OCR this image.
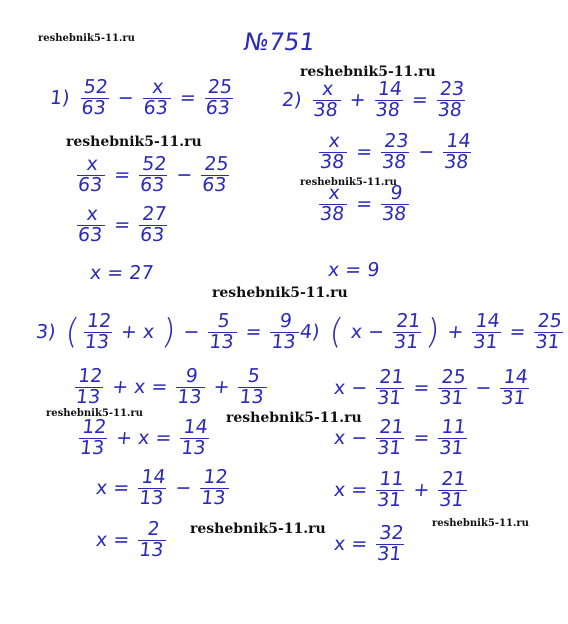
№751
reshebnik5-11.ru
reshebnik5-11.ru
reshebnik5-11.ru
reshebnik5-11.ru
reshebnik5-11.ru
reshebnik5-11.ru	reshebnik5-11.ru
reshebnik5-11.ru	reshebnik5-11.ru
$1) \frac{52}{63} - \frac{x}{63} = \frac{25}{63}$
$\frac{x}{63} = \frac{52}{63} - \frac{25}{63}$
$\frac{x}{63} = \frac{27}{63}$
x = 27
$2) \frac{x}{38} + \frac{14}{38} = \frac{23}{38}$
$\frac{x}{38} = \frac{23}{38} - \frac{14}{38}$
$\frac{x}{38} = \frac{9}{38}$
x = 9
3) ( $\frac{12}{13} + x$ ) − $\frac{5}{13} = \frac{9}{13}$
$\frac{12}{13} + x = \frac{9}{13} + \frac{5}{13}$
$\frac{12}{13} + x = \frac{14}{13}$
$x = \frac{14}{13} - \frac{12}{13}$
$x = \frac{2}{13}$
4) ( $x - \frac{21}{31}$ ) + $\frac{14}{31} = \frac{25}{31}$
$x - \frac{21}{31} = \frac{25}{31} - \frac{14}{31}$
$x - \frac{21}{31} = \frac{11}{31}$
$x = \frac{11}{31} + \frac{21}{31}$
$x = \frac{32}{31}$
